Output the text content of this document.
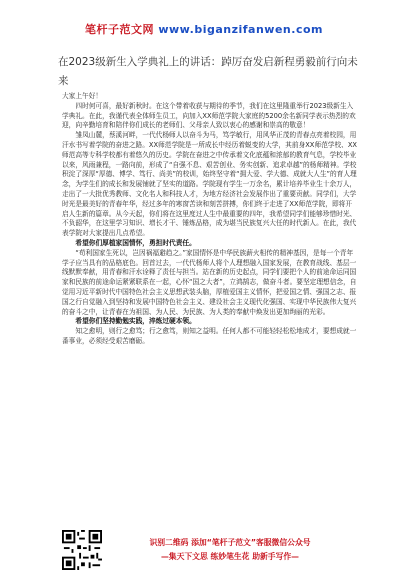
笔杆子范文网 www.biganzifanwen.com
在2023级新生入学典礼上的讲话：踔厉奋发启新程勇毅前行向未来

大家上午好！

四时何可喜，最好新秋时。在这个带着收获与期待的季节，我们在这里隆重举行2023级新生入学典礼。在此，我谨代表全体师生员工，向加入XX师范学院大家庭的5200余名新同学表示热烈的欢迎，向辛勤培育和陪伴你们成长的老师们、父母亲人致以衷心的感谢和崇高的敬意！

雏凤山麓，蔡溪河畔，一代代杨师人以奋斗为马，笃学敏行，用风华正茂的青春点亮着校园，用汗水书写着学院的奋进之路。XX师范学院是一所成长中经历着蜕变的大学，其前身XX师范学校、XX师范高等专科学校都有着悠久的历史。学院在奋进之中传承着文化底蕴和浓郁的教育气息，学校毕业以来，风雨兼程，一路向前，形成了“自强不息、艰苦创业、务实创新、追求卓越”的杨师精神。学校积淀了深厚“厚德、博学、笃行、尚美”的校训，始终坚守着“拥大爱、学大德、成就大人生”的育人理念，为学生们的成长和发展铺就了坚实的道路。学院现有学生一万余名，累计培养毕业生十余万人，走出了一大批优秀教师、文化名人和科技人才，为地方经济社会发展作出了重要贡献。同学们，大学时光是最美好的青春年华，经过多年的寒窗苦读和刻苦拼搏，你们终于走进了XX师范学院，即将开启人生新的篇章。从今天起，你们将在这里度过人生中最重要的四年，我希望同学们能够珍惜时光、不负韶华，在这里学习知识、增长才干、锤炼品格，成为堪当民族复兴大任的时代新人。在此，我代表学院对大家提出几点希望。

希望你们厚植家国情怀，勇担时代责任。

“苟利国家生死以，岂因祸福避趋之。”家国情怀是中华民族薪火相传的精神基因，是每一个青年学子应当具有的品格底色。回首过去，一代代杨师人将个人理想融入国家发展，在教育战线、基层一线默默奉献，用青春和汗水诠释了责任与担当。站在新的历史起点，同学们要把个人的前途命运同国家和民族的前途命运紧紧联系在一起，心怀“国之大者”，立鸿鹄志，做奋斗者。要坚定理想信念，自觉用习近平新时代中国特色社会主义思想武装头脑，厚植爱国主义情怀，把爱国之情、强国之志、报国之行自觉融入到坚持和发展中国特色社会主义、建设社会主义现代化强国、实现中华民族伟大复兴的奋斗之中，让青春在为祖国、为人民、为民族、为人类的奉献中焕发出更加绚丽的光彩。

希望你们坚持勤勉实践，淬炼过硬本领。

知之愈明，则行之愈笃；行之愈笃，则知之益明。任何人都不可能轻轻松松地成才，要想成就一番事业，必须经受艰苦磨砺。

识别二维码 添加“笔杆子范文”客服微信公众号
—集天下文思 练妙笔生花 助新手写作—
